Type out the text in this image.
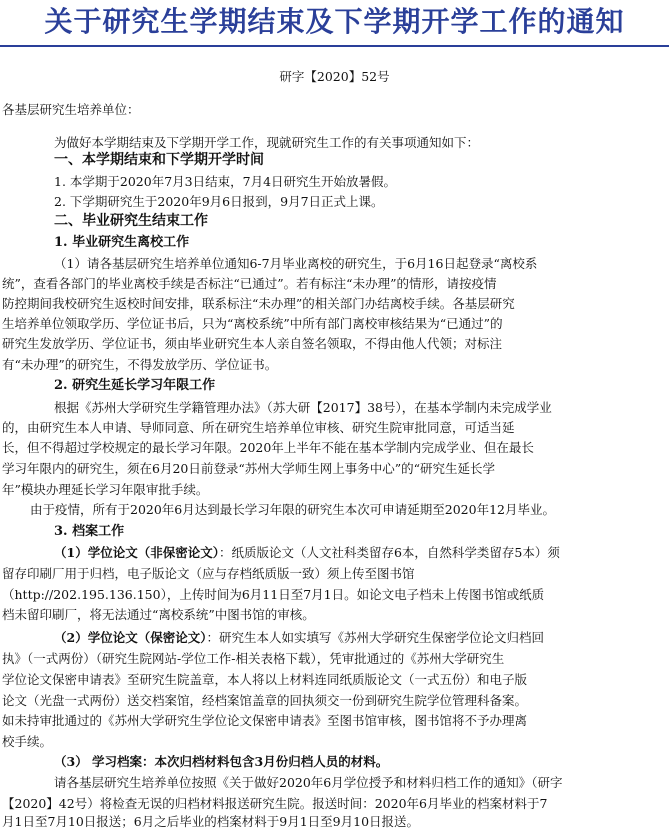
关于研究生学期结束及下学期开学工作的通知
研字【2020】52号
各基层研究生培养单位：
为做好本学期结束及下学期开学工作，现就研究生工作的有关事项通知如下：
一、本学期结束和下学期开学时间
1. 本学期于2020年7月3日结束，7月4日研究生开始放暑假。
2. 下学期研究生于2020年9月6日报到，9月7日正式上课。
二、毕业研究生结束工作
1. 毕业研究生离校工作
（1）请各基层研究生培养单位通知6-7月毕业离校的研究生，于6月16日起登录“离校系
统”，查看各部门的毕业离校手续是否标注“已通过”。若有标注“未办理”的情形，请按疫情
防控期间我校研究生返校时间安排，联系标注“未办理”的相关部门办结离校手续。各基层研究
生培养单位领取学历、学位证书后，只为“离校系统”中所有部门离校审核结果为“已通过”的
研究生发放学历、学位证书，须由毕业研究生本人亲自签名领取，不得由他人代领；对标注
有“未办理”的研究生，不得发放学历、学位证书。
2. 研究生延长学习年限工作
根据《苏州大学研究生学籍管理办法》（苏大研【2017】38号），在基本学制内未完成学业
的，由研究生本人申请、导师同意、所在研究生培养单位审核、研究生院审批同意，可适当延
长，但不得超过学校规定的最长学习年限。2020年上半年不能在基本学制内完成学业、但在最长
学习年限内的研究生，须在6月20日前登录“苏州大学师生网上事务中心”的“研究生延长学
年”模块办理延长学习年限审批手续。
由于疫情，所有于2020年6月达到最长学习年限的研究生本次可申请延期至2020年12月毕业。
3. 档案工作
（1）学位论文（非保密论文）：纸质版论文（人文社科类留存6本，自然科学类留存5本）须
留存印刷厂用于归档，电子版论文（应与存档纸质版一致）须上传至图书馆
（http://202.195.136.150），上传时间为6月11日至7月1日。如论文电子档未上传图书馆或纸质
档未留印刷厂，将无法通过“离校系统”中图书馆的审核。
（2）学位论文（保密论文）：研究生本人如实填写《苏州大学研究生保密学位论文归档回
执》（一式两份）（研究生院网站-学位工作-相关表格下载），凭审批通过的《苏州大学研究生
学位论文保密申请表》至研究生院盖章，本人将以上材料连同纸质版论文（一式五份）和电子版
论文（光盘一式两份）送交档案馆，经档案馆盖章的回执须交一份到研究生院学位管理科备案。
如未持审批通过的《苏州大学研究生学位论文保密申请表》至图书馆审核，图书馆将不予办理离
校手续。
（3） 学习档案：本次归档材料包含3月份归档人员的材料。
请各基层研究生培养单位按照《关于做好2020年6月学位授予和材料归档工作的通知》（研字
【2020】42号）将检查无误的归档材料报送研究生院。报送时间：2020年6月毕业的档案材料于7
月1日至7月10日报送；6月之后毕业的档案材料于9月1日至9月10日报送。
